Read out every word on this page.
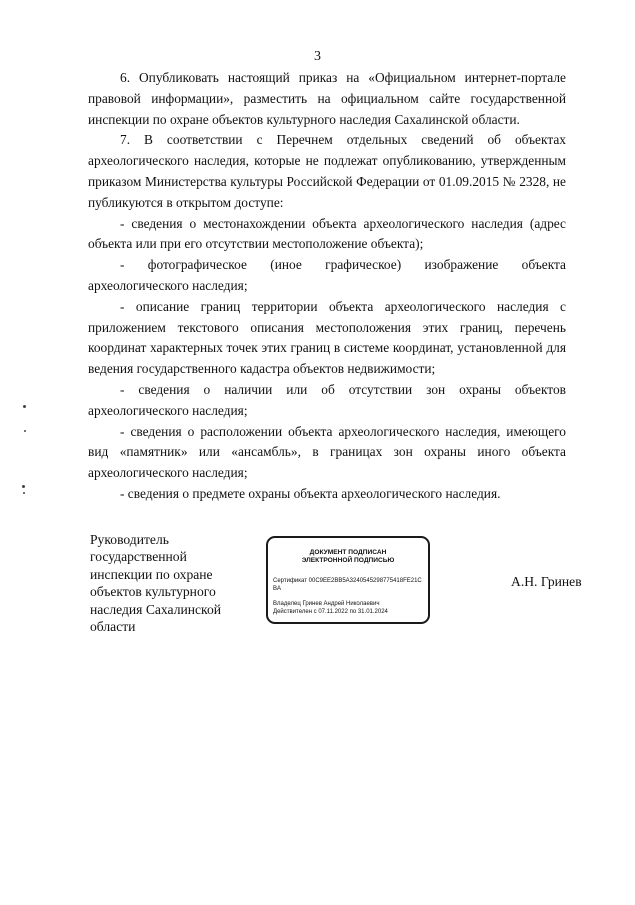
3

6. Опубликовать настоящий приказ на «Официальном интернет-портале правовой информации», разместить на официальном сайте государственной инспекции по охране объектов культурного наследия Сахалинской области.

7. В соответствии с Перечнем отдельных сведений об объектах археологического наследия, которые не подлежат опубликованию, утвержденным приказом Министерства культуры Российской Федерации от 01.09.2015 № 2328, не публикуются в открытом доступе:

- сведения о местонахождении объекта археологического наследия (адрес объекта или при его отсутствии местоположение объекта);

- фотографическое (иное графическое) изображение объекта археологического наследия;

- описание границ территории объекта археологического наследия с приложением текстового описания местоположения этих границ, перечень координат характерных точек этих границ в системе координат, установленной для ведения государственного кадастра объектов недвижимости;

- сведения о наличии или об отсутствии зон охраны объектов археологического наследия;

- сведения о расположении объекта археологического наследия, имеющего вид «памятник» или «ансамбль», в границах зон охраны иного объекта археологического наследия;

- сведения о предмете охраны объекта археологического наследия.

Руководитель
государственной
инспекции по охране
объектов культурного
наследия Сахалинской
области
ДОКУМЕНТ ПОДПИСАН
ЭЛЕКТРОННОЙ ПОДПИСЬЮ
Сертификат 00C9EE2BB5A3240545298775418FE21CBA
Владелец Гринев Андрей Николаевич
Действителен с 07.11.2022 по 31.01.2024
А.Н. Гринев
